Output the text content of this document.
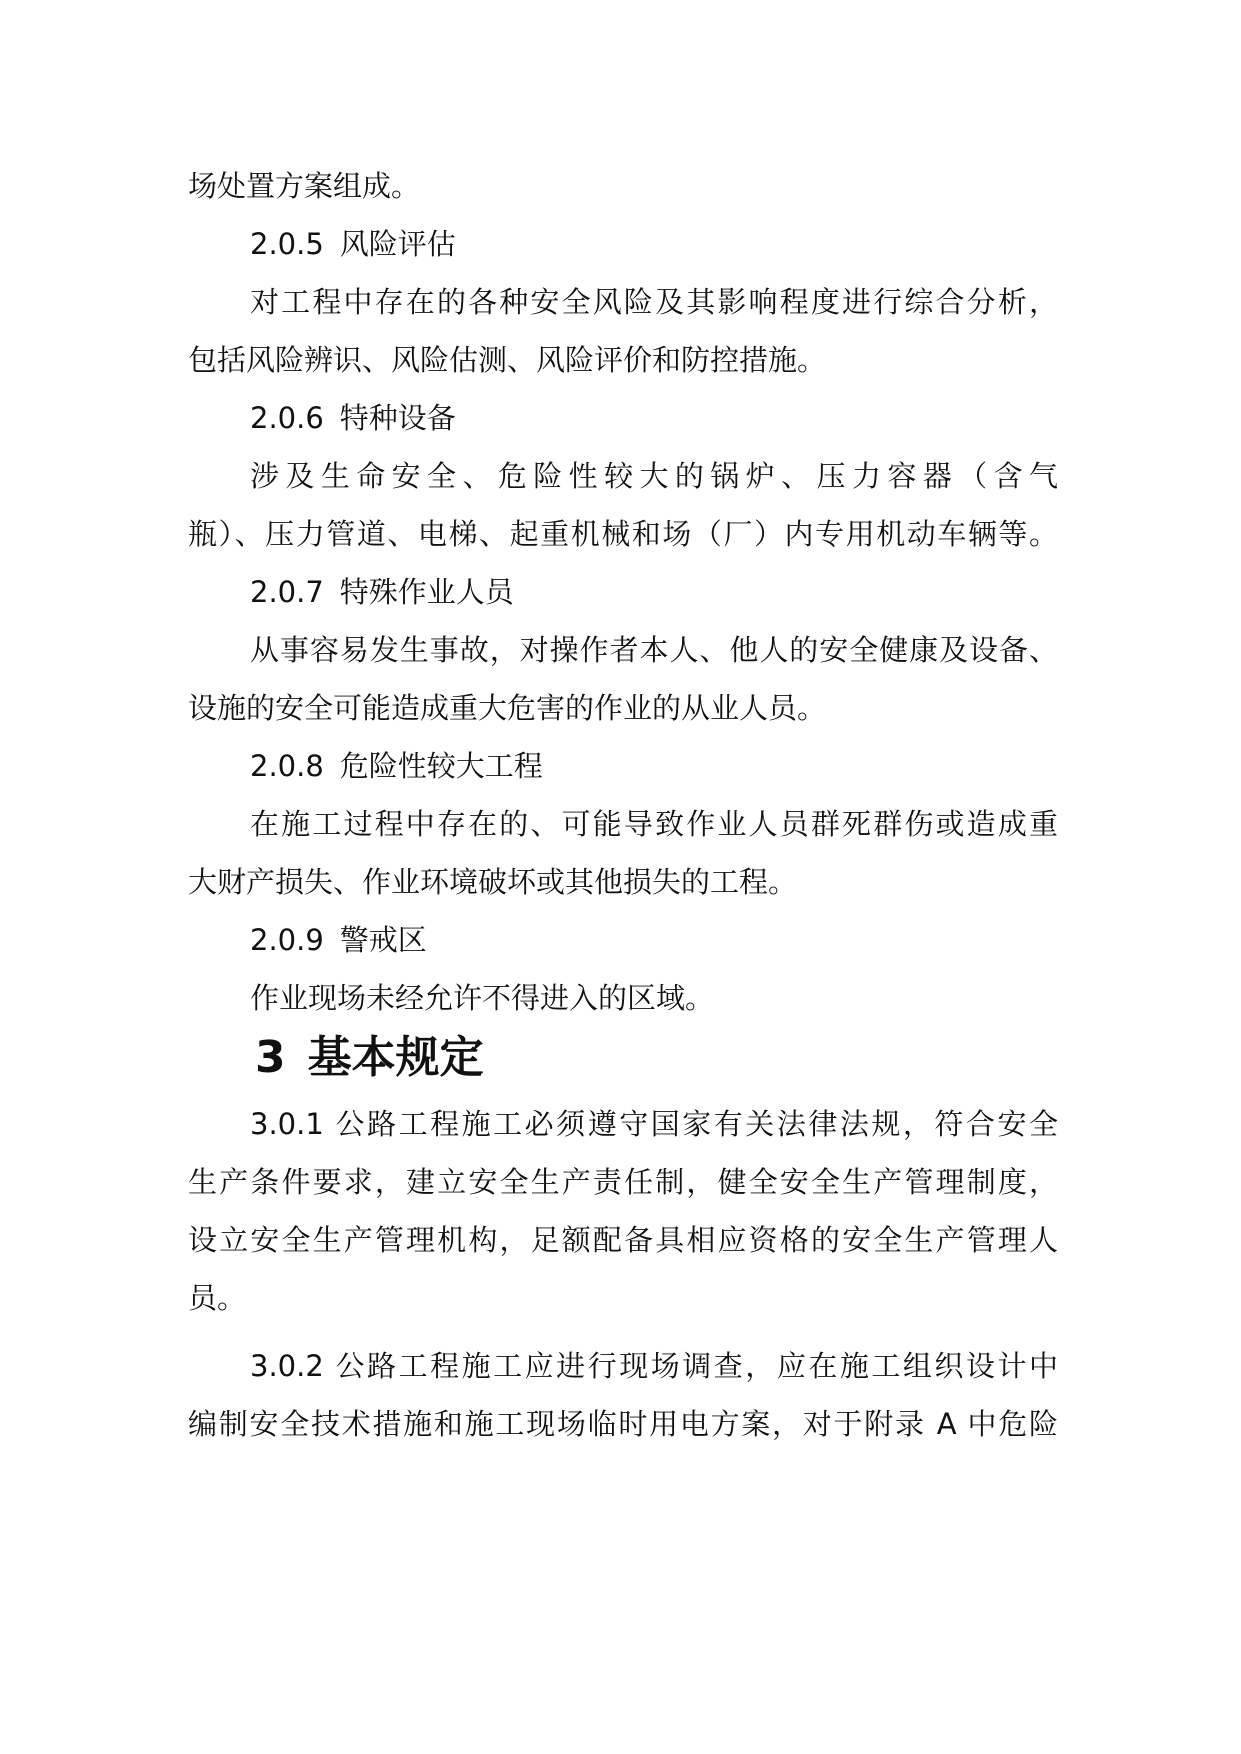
场处置方案组成。
2.0.5 风险评估
对工程中存在的各种安全风险及其影响程度进行综合分析，
包括风险辨识、风险估测、风险评价和防控措施。
2.0.6 特种设备
涉及生命安全、危险性较大的锅炉、压力容器（含气
瓶）、压力管道、电梯、起重机械和场（厂）内专用机动车辆等。
2.0.7 特殊作业人员
从事容易发生事故，对操作者本人、他人的安全健康及设备、
设施的安全可能造成重大危害的作业的从业人员。
2.0.8 危险性较大工程
在施工过程中存在的、可能导致作业人员群死群伤或造成重
大财产损失、作业环境破坏或其他损失的工程。
2.0.9 警戒区
作业现场未经允许不得进入的区域。
3 基本规定
3.0.1 公路工程施工必须遵守国家有关法律法规，符合安全
生产条件要求，建立安全生产责任制，健全安全生产管理制度，
设立安全生产管理机构，足额配备具相应资格的安全生产管理人
员。
3.0.2 公路工程施工应进行现场调查，应在施工组织设计中
编制安全技术措施和施工现场临时用电方案，对于附录 A 中危险
